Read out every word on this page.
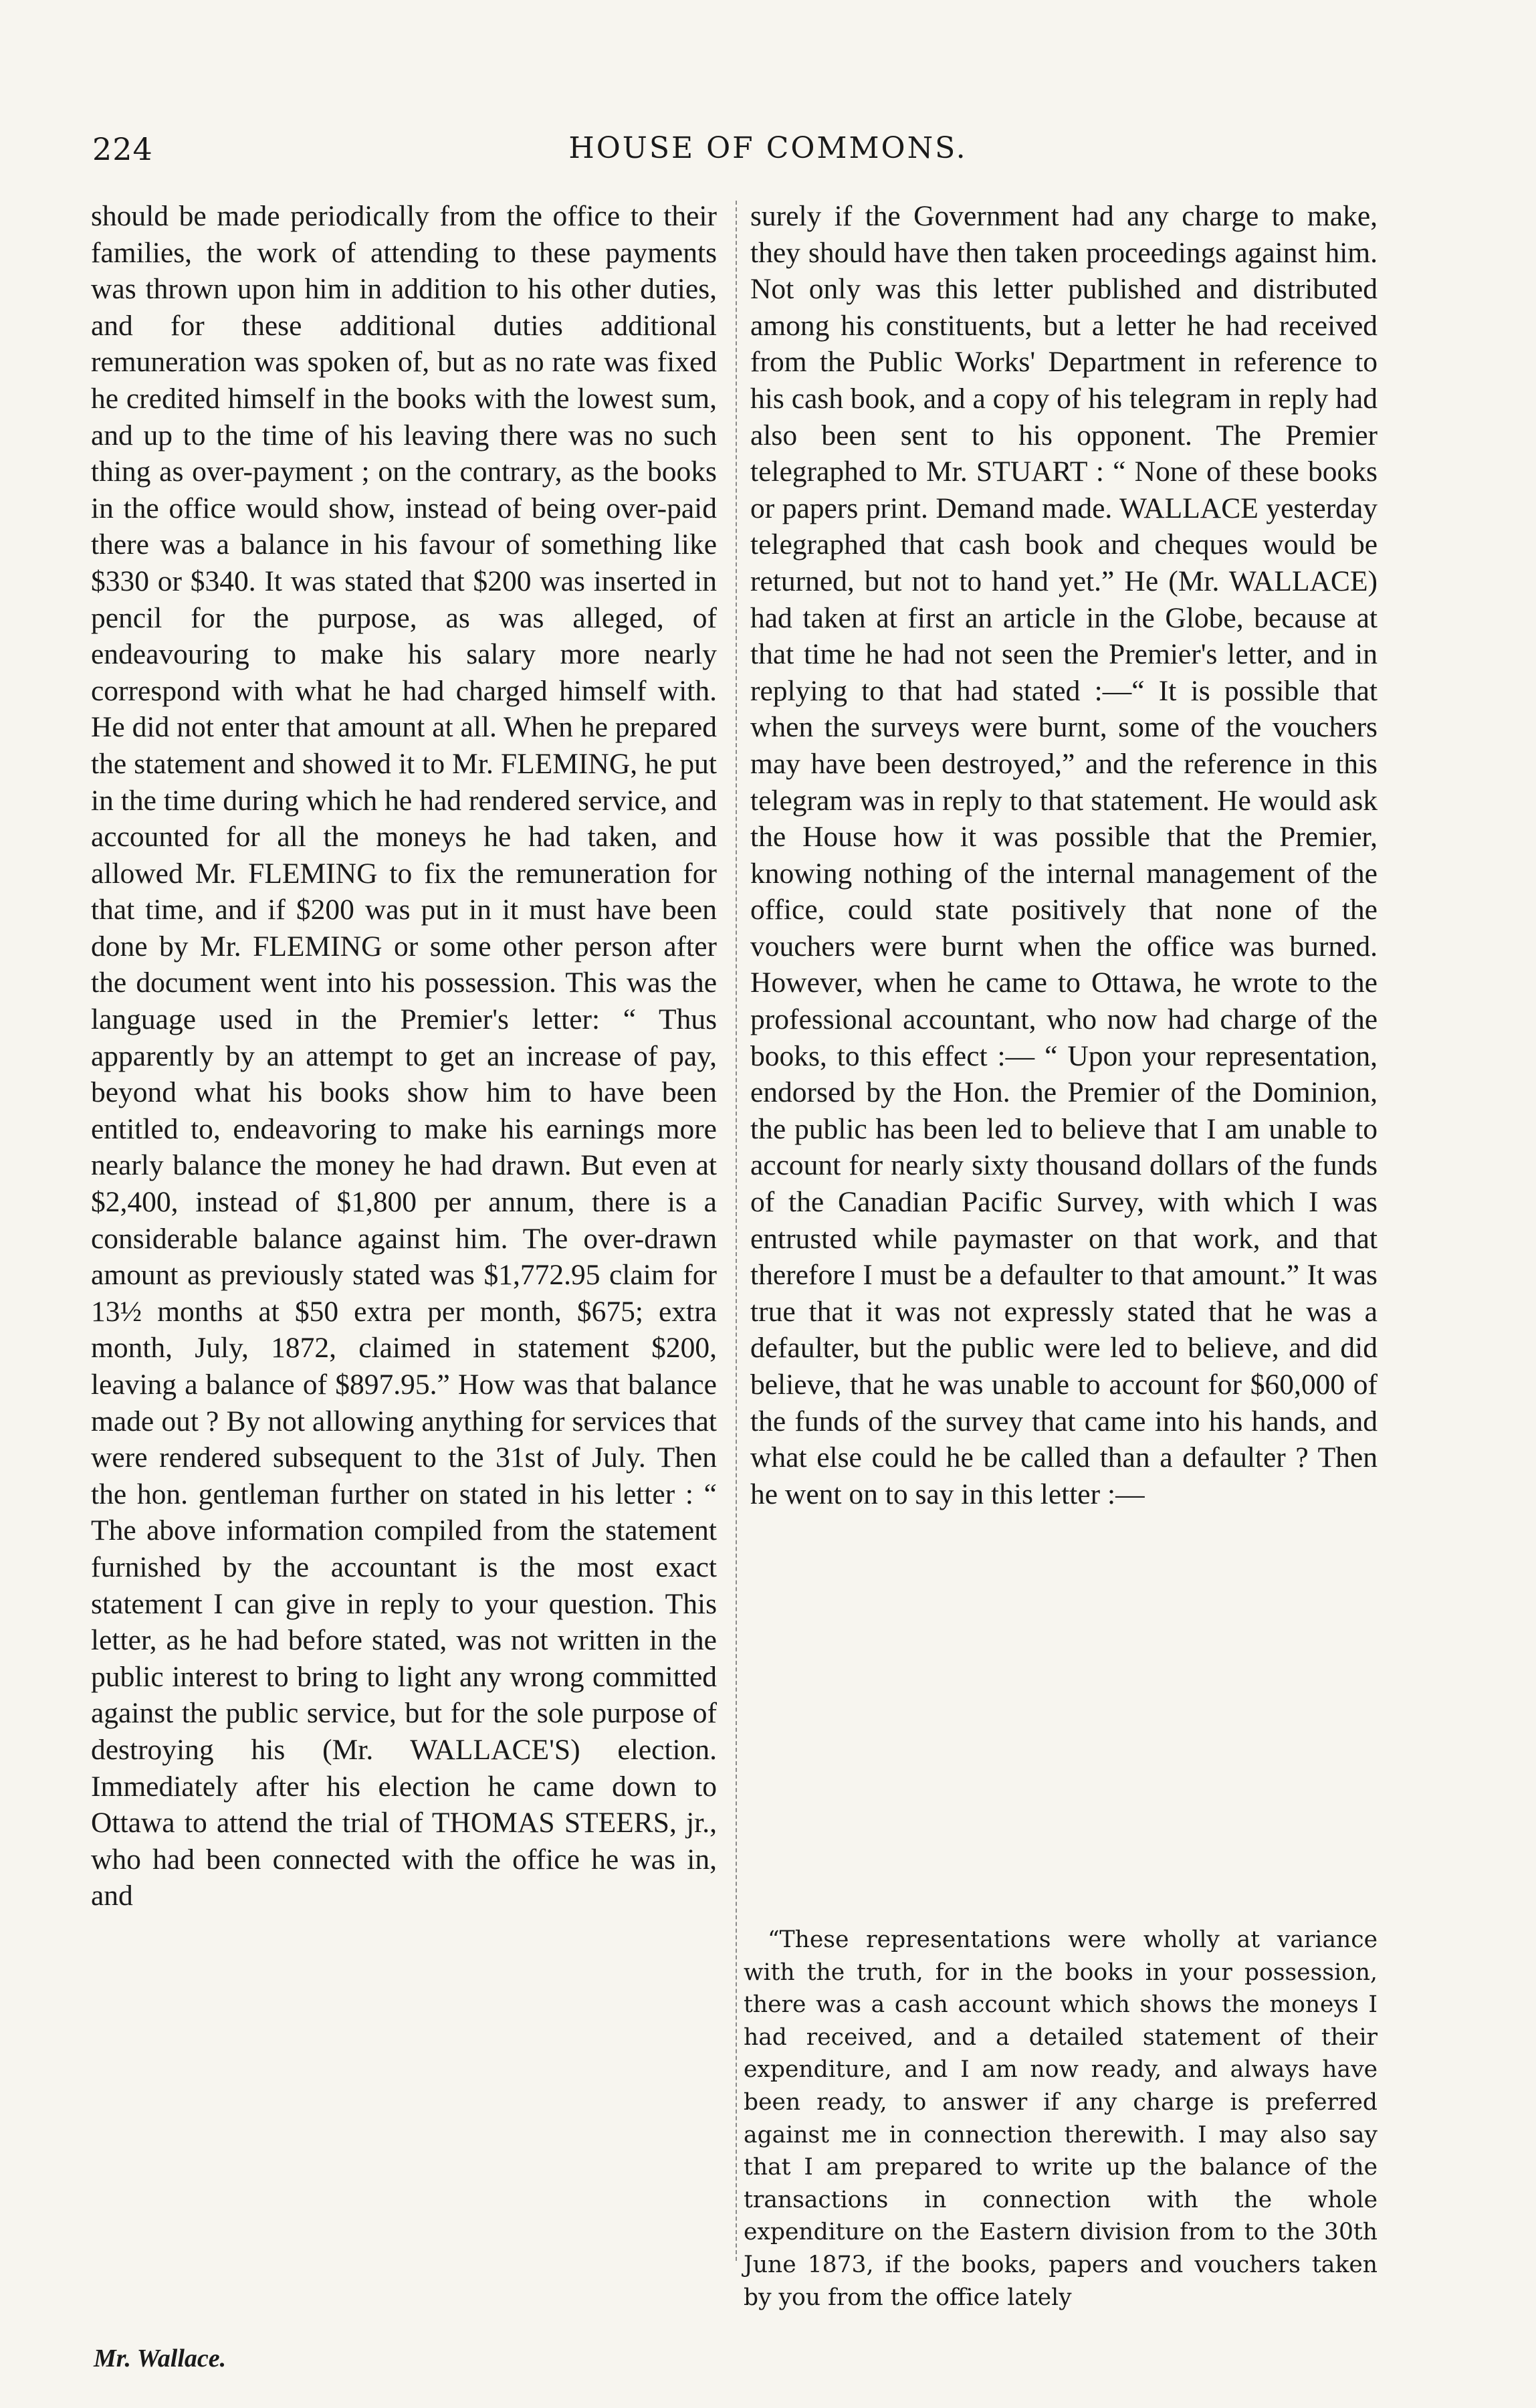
224	HOUSE OF COMMONS.

should be made periodically from the office to their families, the work of attending to these payments was thrown upon him in addition to his other duties, and for these additional duties additional remuneration was spoken of, but as no rate was fixed he credited himself in the books with the lowest sum, and up to the time of his leaving there was no such thing as over-payment ; on the contrary, as the books in the office would show, instead of being over-paid there was a balance in his favour of something like $330 or $340. It was stated that $200 was inserted in pencil for the purpose, as was alleged, of endeavouring to make his salary more nearly correspond with what he had charged himself with. He did not enter that amount at all. When he prepared the statement and showed it to Mr. FLEMING, he put in the time during which he had rendered service, and accounted for all the moneys he had taken, and allowed Mr. FLEMING to fix the remuneration for that time, and if $200 was put in it must have been done by Mr. FLEMING or some other person after the document went into his possession. This was the language used in the Premier's letter: “ Thus apparently by an attempt to get an increase of pay, beyond what his books show him to have been entitled to, endeavoring to make his earnings more nearly balance the money he had drawn. But even at $2,400, instead of $1,800 per annum, there is a considerable balance against him. The over-drawn amount as previously stated was $1,772.95 claim for 13½ months at $50 extra per month, $675; extra month, July, 1872, claimed in statement $200, leaving a balance of $897.95.” How was that balance made out ? By not allowing anything for services that were rendered subsequent to the 31st of July. Then the hon. gentleman further on stated in his letter : “ The above information compiled from the statement furnished by the accountant is the most exact statement I can give in reply to your question. This letter, as he had before stated, was not written in the public interest to bring to light any wrong committed against the public service, but for the sole purpose of destroying his (Mr. WALLACE'S) election. Immediately after his election he came down to Ottawa to attend the trial of THOMAS STEERS, jr., who had been connected with the office he was in, and

surely if the Government had any charge to make, they should have then taken proceedings against him. Not only was this letter published and distributed among his constituents, but a letter he had received from the Public Works' Department in reference to his cash book, and a copy of his telegram in reply had also been sent to his opponent. The Premier telegraphed to Mr. STUART : “ None of these books or papers print. Demand made. WALLACE yesterday telegraphed that cash book and cheques would be returned, but not to hand yet.” He (Mr. WALLACE) had taken at first an article in the Globe, because at that time he had not seen the Premier's letter, and in replying to that had stated :—“ It is possible that when the surveys were burnt, some of the vouchers may have been destroyed,” and the reference in this telegram was in reply to that statement. He would ask the House how it was possible that the Premier, knowing nothing of the internal management of the office, could state positively that none of the vouchers were burnt when the office was burned. However, when he came to Ottawa, he wrote to the professional accountant, who now had charge of the books, to this effect :— “ Upon your representation, endorsed by the Hon. the Premier of the Dominion, the public has been led to believe that I am unable to account for nearly sixty thousand dollars of the funds of the Canadian Pacific Survey, with which I was entrusted while paymaster on that work, and that therefore I must be a defaulter to that amount.” It was true that it was not expressly stated that he was a defaulter, but the public were led to believe, and did believe, that he was unable to account for $60,000 of the funds of the survey that came into his hands, and what else could he be called than a defaulter ? Then he went on to say in this letter :—

“These representations were wholly at variance with the truth, for in the books in your possession, there was a cash account which shows the moneys I had received, and a detailed statement of their expenditure, and I am now ready, and always have been ready, to answer if any charge is preferred against me in connection therewith. I may also say that I am prepared to write up the balance of the transactions in connection with the whole expenditure on the Eastern division from to the 30th June 1873, if the books, papers and vouchers taken by you from the office lately
Mr. Wallace.
